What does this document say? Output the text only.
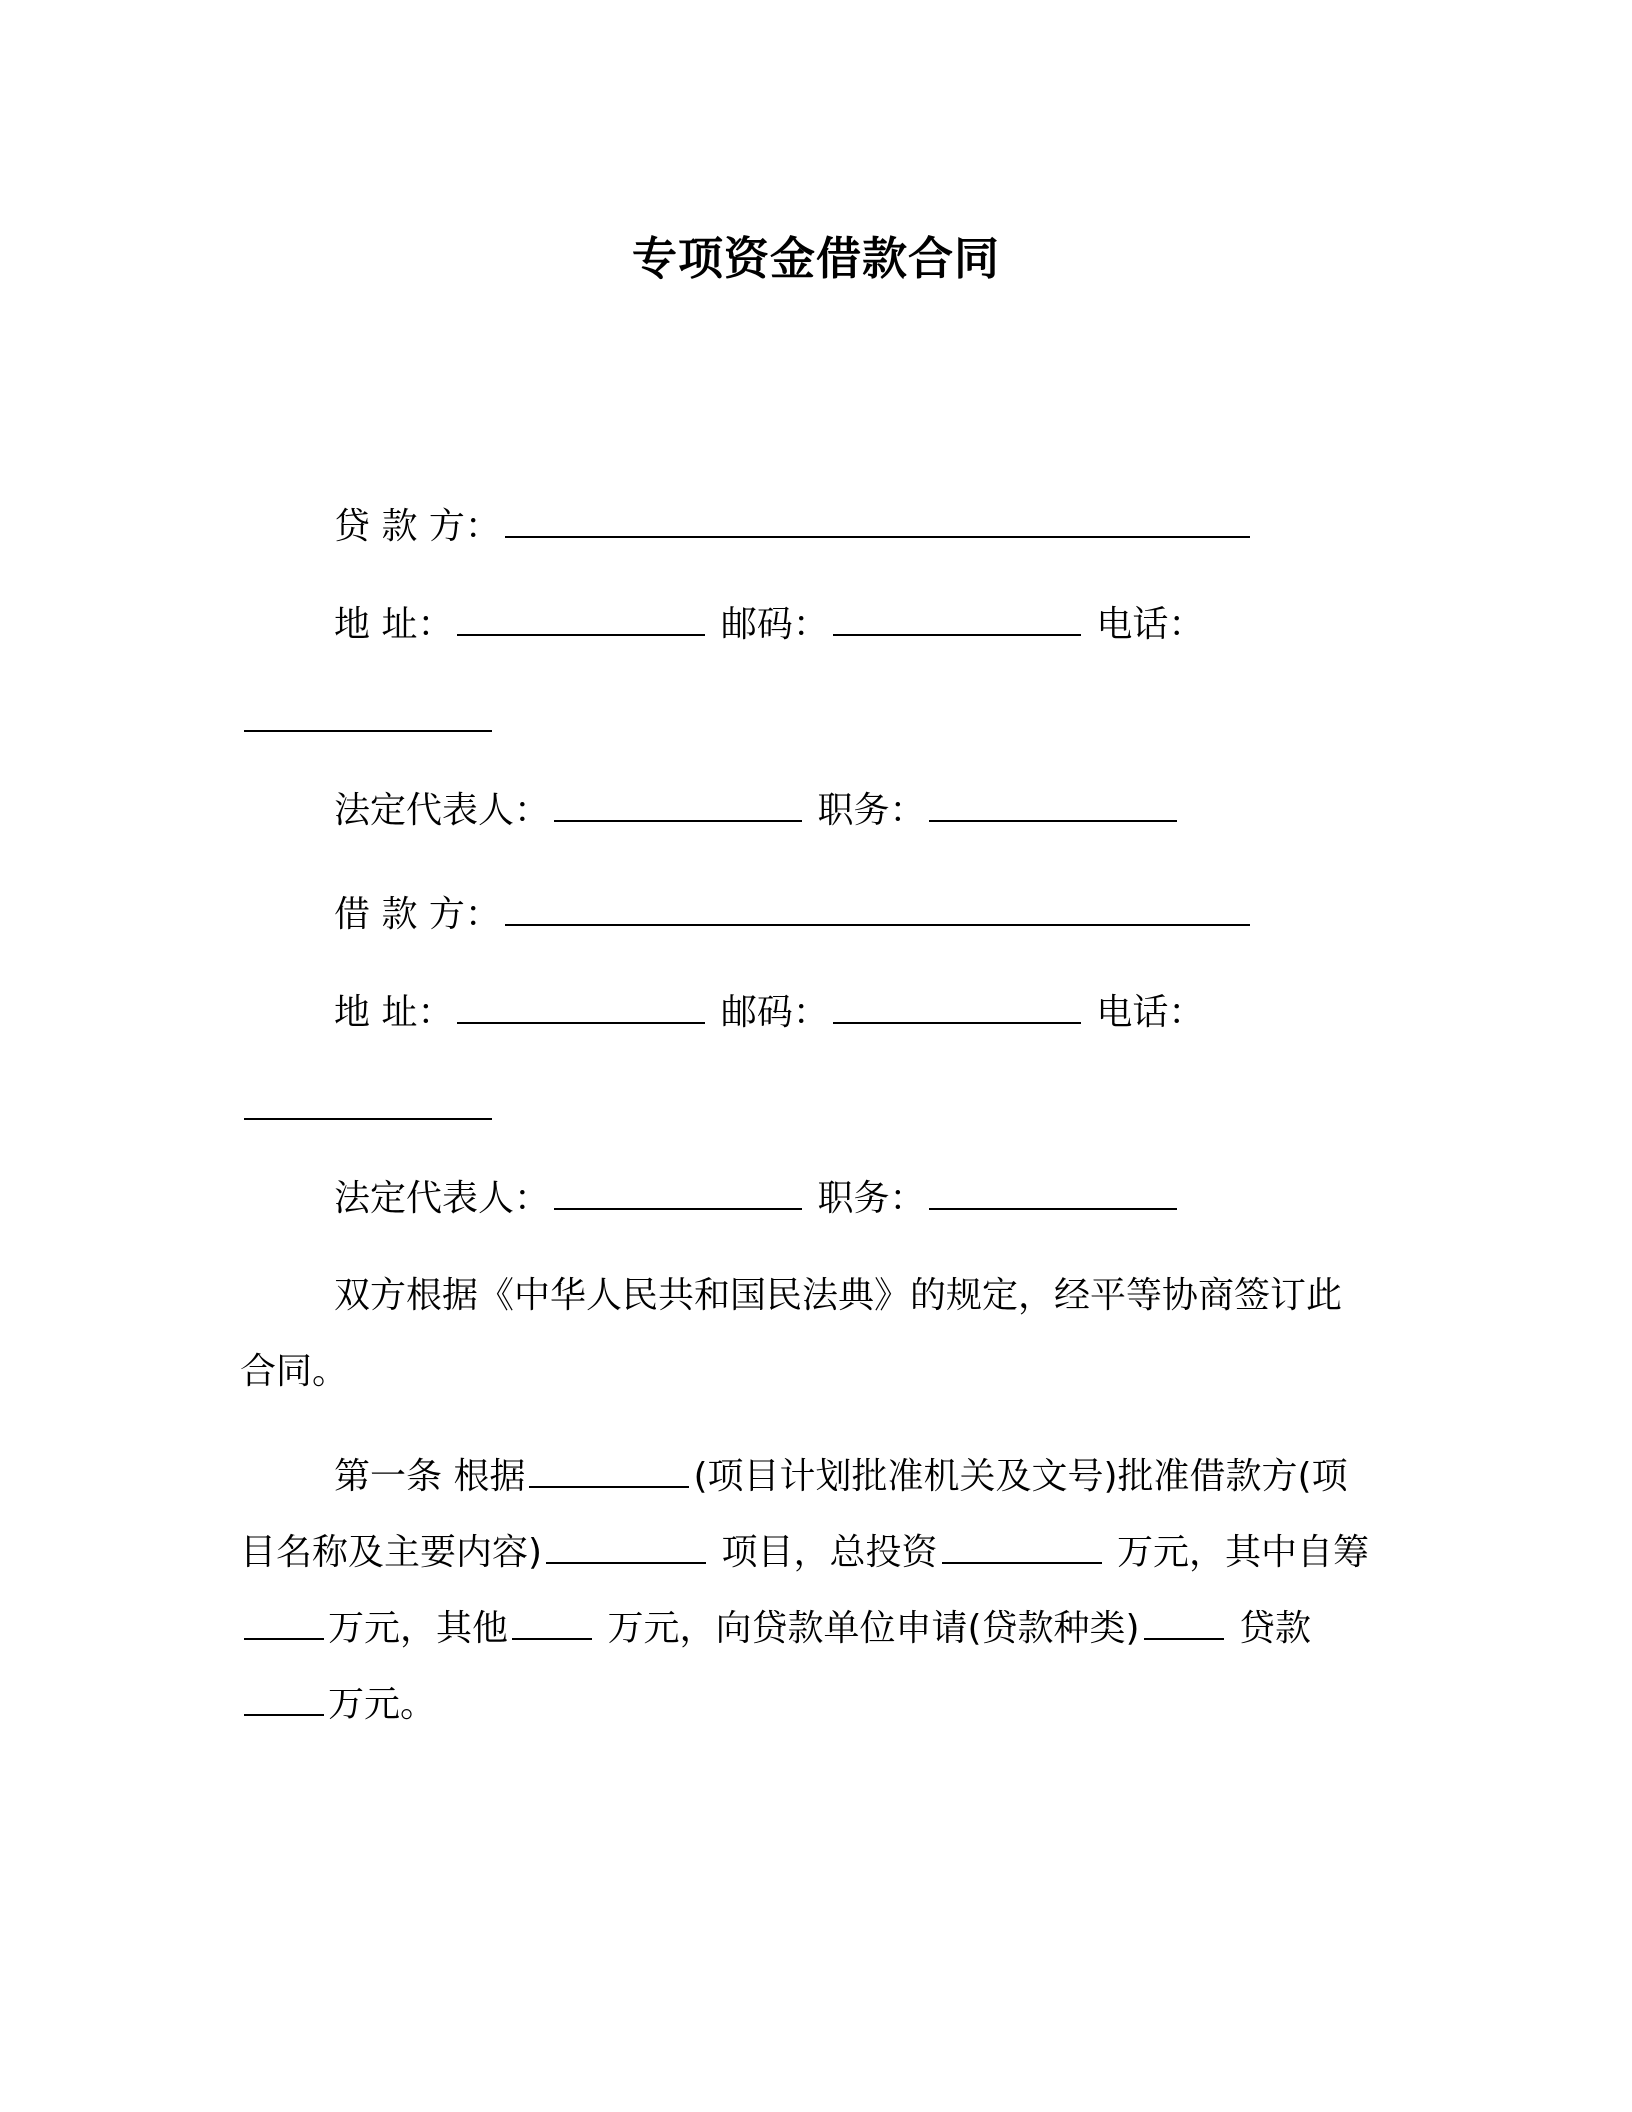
专项资金借款合同
贷 款 方：
地 址：	邮码：	电话：
法定代表人：	职务：
借 款 方：
地 址：	邮码：	电话：
法定代表人：	职务：
双方根据《中华人民共和国民法典》的规定，经平等协商签订此
合同。
第一条 根据	(项目计划批准机关及文号)批准借款方(项
目名称及主要内容)	项目，总投资	万元，其中自筹
万元，其他	万元，向贷款单位申请(贷款种类)	贷款
万元。
